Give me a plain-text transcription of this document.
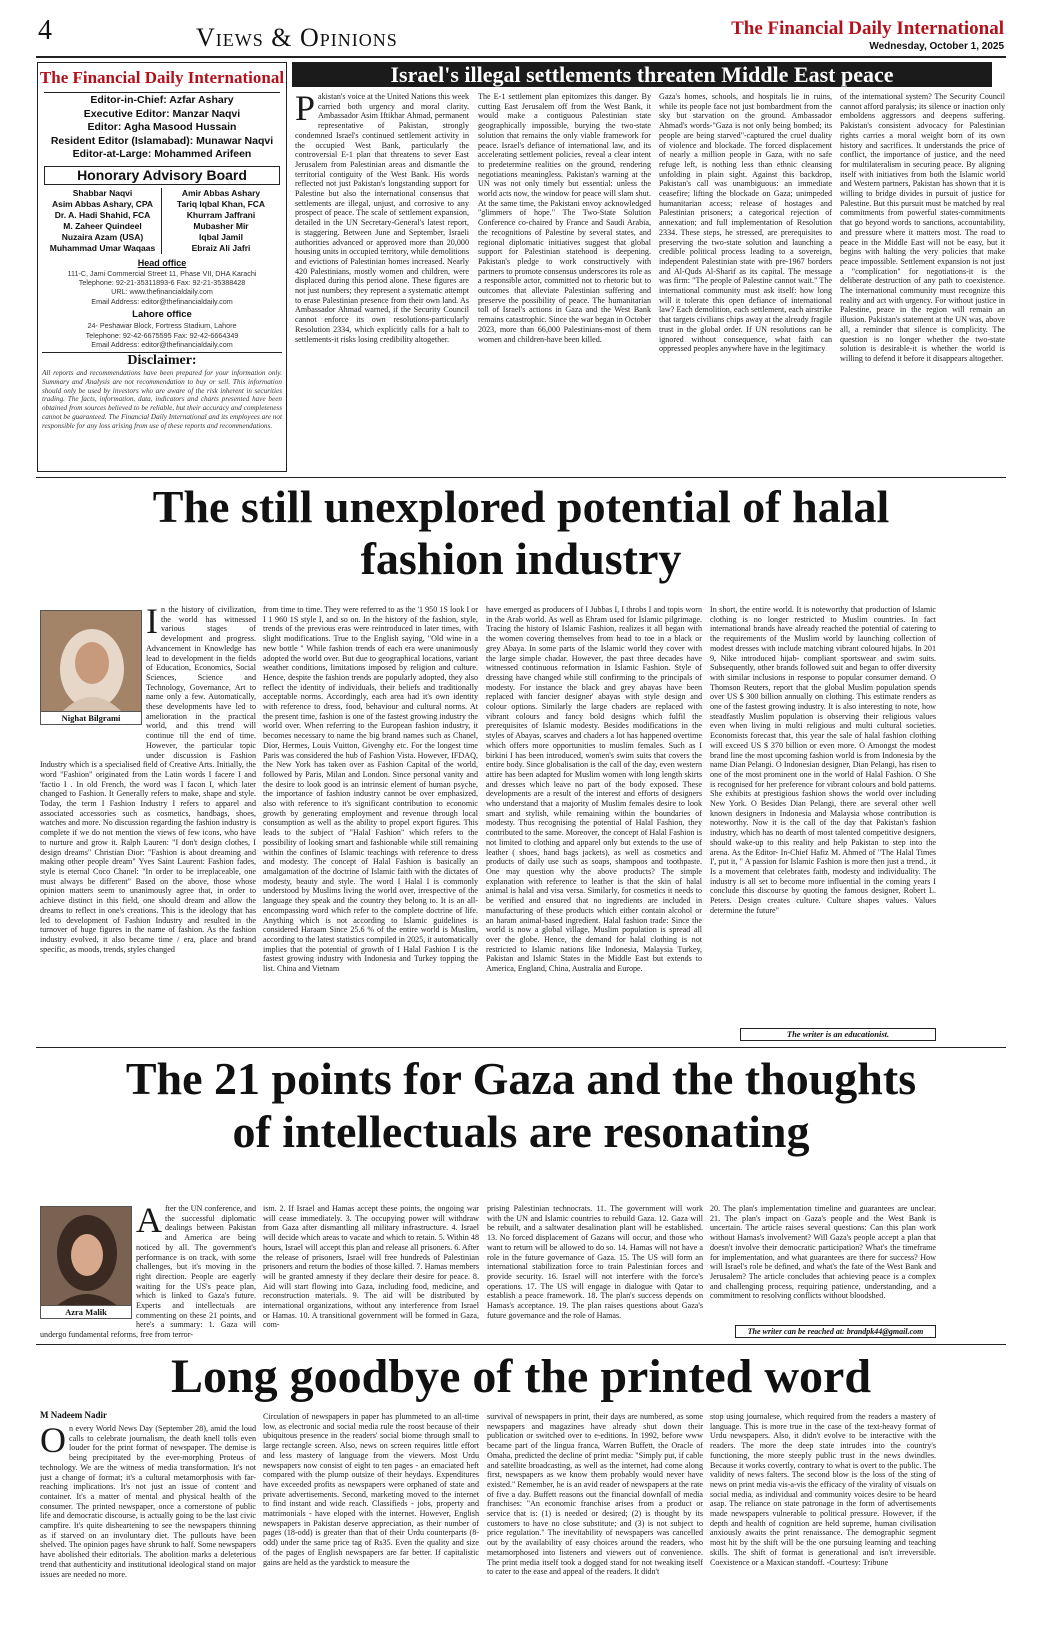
4	Views & Opinions	The Financial Daily International
Wednesday, October 1, 2025
The Financial Daily International

Editor-in-Chief: Azfar Ashary

Executive Editor: Manzar Naqvi

Editor: Agha Masood Hussain

Resident Editor (Islamabad): Munawar Naqvi

Editor-at-Large: Mohammed Arifeen

Honorary Advisory Board
Shabbar Naqvi
Asim Abbas Ashary, CPA
Dr. A. Hadi Shahid, FCA
M. Zaheer Quindeel
Nuzaira Azam (USA)
Muhammad Umar Waqaas
Amir Abbas Ashary
Tariq Iqbal Khan, FCA
Khurram Jaffrani
Mubasher Mir
Iqbal Jamil
Ebraiz Ali Jafri
Head office
111-C, Jami Commercial Street 11, Phase VII, DHA Karachi
Telephone: 92-21-35311893-6 Fax: 92-21-35388428
URL: www.thefinancialdaily.com
Email Address: editor@thefinancialdaily.com
Lahore office
24- Peshawar Block, Fortress Stadium, Lahore
Telephone: 92-42-6675595 Fax: 92-42-6664349
Email Address: editor@thefinancialdaily.com
Disclaimer:
All reports and recommendations have been prepared for your information only. Summary and Analysis are not recommendation to buy or sell. This information should only be used by investors who are aware of the risk inherent in securities trading. The facts, information, data, indicators and charts presented have been obtained from sources believed to be reliable, but their accuracy and completeness cannot be guaranteed. The Financial Daily International and its employees are not responsible for any loss arising from use of these reports and recommendations.
Israel's illegal settlements threaten Middle East peace
Pakistan's voice at the United Nations this week carried both urgency and moral clarity. Ambassador Asim Iftikhar Ahmad, permanent representative of Pakistan, strongly condemned Israel's continued settlement activity in the occupied West Bank, particularly the controversial E-1 plan that threatens to sever East Jerusalem from Palestinian areas and dismantle the territorial contiguity of the West Bank. His words reflected not just Pakistan's longstanding support for Palestine but also the international consensus that settlements are illegal, unjust, and corrosive to any prospect of peace. The scale of settlement expansion, detailed in the UN Secretary-General's latest report, is staggering. Between June and September, Israeli authorities advanced or approved more than 20,000 housing units in occupied territory, while demolitions and evictions of Palestinian homes increased. Nearly 420 Palestinians, mostly women and children, were displaced during this period alone. These figures are not just numbers; they represent a systematic attempt to erase Palestinian presence from their own land. As Ambassador Ahmad warned, if the Security Council cannot enforce its own resolutions-particularly Resolution 2334, which explicitly calls for a halt to settlements-it risks losing credibility altogether.
The E-1 settlement plan epitomizes this danger. By cutting East Jerusalem off from the West Bank, it would make a contiguous Palestinian state geographically impossible, burying the two-state solution that remains the only viable framework for peace. Israel's defiance of international law, and its accelerating settlement policies, reveal a clear intent to predetermine realities on the ground, rendering negotiations meaningless. Pakistan's warning at the UN was not only timely but essential: unless the world acts now, the window for peace will slam shut. At the same time, the Pakistani envoy acknowledged "glimmers of hope." The Two-State Solution Conference co-chaired by France and Saudi Arabia, the recognitions of Palestine by several states, and regional diplomatic initiatives suggest that global support for Palestinian statehood is deepening. Pakistan's pledge to work constructively with partners to promote consensus underscores its role as a responsible actor, committed not to rhetoric but to outcomes that alleviate Palestinian suffering and preserve the possibility of peace. The humanitarian toll of Israel's actions in Gaza and the West Bank remains catastrophic. Since the war began in October 2023, more than 66,000 Palestinians-most of them women and children-have been killed.
Gaza's homes, schools, and hospitals lie in ruins, while its people face not just bombardment from the sky but starvation on the ground. Ambassador Ahmad's words-"Gaza is not only being bombed; its people are being starved"-captured the cruel duality of violence and blockade. The forced displacement of nearly a million people in Gaza, with no safe refuge left, is nothing less than ethnic cleansing unfolding in plain sight. Against this backdrop, Pakistan's call was unambiguous: an immediate ceasefire; lifting the blockade on Gaza; unimpeded humanitarian access; release of hostages and Palestinian prisoners; a categorical rejection of annexation; and full implementation of Resolution 2334. These steps, he stressed, are prerequisites to preserving the two-state solution and launching a credible political process leading to a sovereign, independent Palestinian state with pre-1967 borders and Al-Quds Al-Sharif as its capital. The message was firm: "The people of Palestine cannot wait." The international community must ask itself: how long will it tolerate this open defiance of international law? Each demolition, each settlement, each airstrike that targets civilians chips away at the already fragile trust in the global order. If UN resolutions can be ignored without consequence, what faith can oppressed peoples anywhere have in the legitimacy
of the international system? The Security Council cannot afford paralysis; its silence or inaction only emboldens aggressors and deepens suffering. Pakistan's consistent advocacy for Palestinian rights carries a moral weight born of its own history and sacrifices. It understands the price of conflict, the importance of justice, and the need for multilateralism in securing peace. By aligning itself with initiatives from both the Islamic world and Western partners, Pakistan has shown that it is willing to bridge divides in pursuit of justice for Palestine. But this pursuit must be matched by real commitments from powerful states-commitments that go beyond words to sanctions, accountability, and pressure where it matters most. The road to peace in the Middle East will not be easy, but it begins with halting the very policies that make peace impossible. Settlement expansion is not just a "complication" for negotiations-it is the deliberate destruction of any path to coexistence. The international community must recognize this reality and act with urgency. For without justice in Palestine, peace in the region will remain an illusion. Pakistan's statement at the UN was, above all, a reminder that silence is complicity. The question is no longer whether the two-state solution is desirable-it is whether the world is willing to defend it before it disappears altogether.
The still unexplored potential of halal
fashion industry
Nighat Bilgrami
In the history of civilization, the world has witnessed various stages of development and progress. Advancement in Knowledge has lead to development in the fields of Education, Economics, Social Sciences, Science and Technology, Governance, Art to name only a few. Automatically, these developments have led to amelioration in the practical world, and this trend will continue till the end of time. However, the particular topic under discussion is Fashion Industry which is a specialised field of Creative Arts. Initially, the word "Fashion" originated from the Latin words I facere I and 'factio I . In old French, the word was I facon I, which later changed to Fashion. It Generally refers to make, shape and style. Today, the term I Fashion Industry I refers to apparel and associated accessories such as cosmetics, handbags, shoes, watches and more. No discussion regarding the fashion industry is complete if we do not mention the views of few icons, who have to nurture and grow it. Ralph Lauren: "I don't design clothes, I design dreams" Christian Dior: "Fashion is about dreaming and making other people dream" Yves Saint Laurent: Fashion fades, style is eternal Coco Chanel: "In order to be irreplaceable, one must always be different" Based on the above, those whose opinion matters seem to unanimously agree that, in order to achieve distinct in this field, one should dream and allow the dreams to reflect in one's creations. This is the ideology that has led to development of Fashion Industry and resulted in the turnover of huge figures in the name of fashion. As the fashion industry evolved, it also became time / era, place and brand specific, as moods, trends, styles changed
from time to time. They were referred to as the '1 950 1S look I or I 1 960 1S style I, and so on. In the history of the fashion, style, trends of the previous eras were reintroduced in later times, with slight modifications. True to the English saying, "Old wine in a new bottle " While fashion trends of each era were unanimously adopted the world over. But due to geographical locations, variant weather conditions, limitations imposed by religion and culture. Hence, despite the fashion trends are popularly adopted, they also reflect the identity of individuals, their beliefs and traditionally acceptable norms. Accordingly, each area had it's own identity with reference to dress, food, behaviour and cultural norms. At the present time, fashion is one of the fastest growing industry the world over. When referring to the European fashion industry, it becomes necessary to name the big brand names such as Chanel, Dior, Hermes, Louis Vuitton, Givenghy etc. For the longest time Paris was considered the hub of Fashion Vista. However, IFDAQ, the New York has taken over as Fashion Capital of the world, followed by Paris, Milan and London. Since personal vanity and the desire to look good is an intrinsic element of human psyche, the importance of fashion industry cannot be over emphasized, also with reference to it's significant contribution to economic growth by generating employment and revenue through local consumption as well as the ability to propel export figures. This leads to the subject of "Halal Fashion" which refers to the possibility of looking smart and fashionable while still remaining within the confines of Islamic teachings with reference to dress and modesty. The concept of Halal Fashion is basically an amalgamation of the doctrine of Islamic faith with the dictates of modesty, beauty and style. The word I Halal I is commonly understood by Muslims living the world over, irrespective of the language they speak and the country they belong to. It is an all-encompassing word which refer to the complete doctrine of life. Anything which is not according to Islamic guidelines is considered Haraam Since 25.6 % of the entire world is Muslim, according to the latest statistics compiled in 2025, it automatically implies that the potential of growth of I Halal Fashion I is the fastest growing industry with Indonesia and Turkey topping the list. China and Vietnam
have emerged as producers of I Jubbas I, I throbs I and topis worn in the Arab world. As well as Ehram used for Islamic pilgrimage. Tracing the history of Islamic Fashion, realizes it all began with the women covering themselves from head to toe in a black or grey Abaya. In some parts of the Islamic world they cover with the large simple chadar. However, the past three decades have witnessed continuous reformation in Islamic Fashion. Style of dressing have changed while still confirming to the principals of modesty. For instance the black and grey abayas have been replaced with fancier designer' abayas with style design and colour options. Similarly the large chaders are replaced with vibrant colours and fancy bold designs which fulfil the prerequisites of Islamic modesty. Besides modifications in the styles of Abayas, scarves and chaders a lot has happened overtime which offers more opportunities to muslim females. Such as I birkini I has been introduced, women's swim suits that covers the entire body. Since globalisation is the call of the day, even western attire has been adapted for Muslim women with long length skirts and dresses which leave no part of the body exposed. These developments are a result of the interest and efforts of designers who understand that a majority of Muslim females desire to look smart and stylish, while remaining within the boundaries of modesty. Thus recognising the potential of Halal Fashion, they contributed to the same. Moreover, the concept of Halal Fashion is not limited to clothing and apparel only but extends to the use of leather ( shoes, hand bags jackets), as well as cosmetics and products of daily use such as soaps, shampoos and toothpaste. One may question why the above products? The simple explanation with reference to leather is that the skin of halal animal is halal and visa versa. Similarly, for cosmetics it needs to be verified and ensured that no ingredients are included in manufacturing of these products which either contain alcohol or an haram animal-based ingredient. Halal fashion trade: Since the world is now a global village, Muslim population is spread all over the globe. Hence, the demand for halal clothing is not restricted to Islamic nations like Indonesia, Malaysia Turkey, Pakistan and Islamic States in the Middle East but extends to America, England, China, Australia and Europe.
In short, the entire world. It is noteworthy that production of Islamic clothing is no longer restricted to Muslim countries. In fact international brands have already reached the potential of catering to the requirements of the Muslim world by launching collection of modest dresses with include matching vibrant coloured hijabs. In 201 9, Nike introduced hijab- compliant sportswear and swim suits. Subsequently, other brands followed suit and began to offer diversity with similar inclusions in response to popular consumer demand. O Thomson Reuters, report that the global Muslim population spends over US $ 300 billion annually on clothing. This estimate renders as one of the fastest growing industry. It is also interesting to note, how steadfastly Muslim population is observing their religious values even when living in multi religious and multi cultural societies. Economists forecast that, this year the sale of halal fashion clothing will exceed US $ 370 billion or even more. O Amongst the modest brand line the most upcoming fashion world is from Indonesia by the name Dian Pelangi. O Indonesian designer, Dian Pelangi, has risen to one of the most prominent one in the world of Halal Fashion. O She is recognised for her preference for vibrant colours and bold patterns. She exhibits at prestigious fashion shows the world over including New York. O Besides Dian Pelangi, there are several other well known designers in Indonesia and Malaysia whose contribution is noteworthy. Now it is the call of the day that Pakistan's fashion industry, which has no dearth of most talented competitive designers, should wake-up to this reality and help Pakistan to step into the arena. As the Editor- In-Chief Hafiz M. Ahmed of "The Halal Times I', put it, " A passion for Islamic Fashion is more then just a trend., .it Is a movement that celebrates faith, modesty and individuality. The industry is all set to become more influential in the coming years I conclude this discourse by quoting the famous designer, Robert L. Peters. Design creates culture. Culture shapes values. Values determine the future"
The writer is an educationist.
The 21 points for Gaza and the thoughts
of intellectuals are resonating
Azra Malik
After the UN conference, and the successful diplomatic dealings between Pakistan and America are being noticed by all. The government's performance is on track, with some challenges, but it's moving in the right direction. People are eagerly waiting for the US's peace plan, which is linked to Gaza's future. Experts and intellectuals are commenting on these 21 points, and here's a summary: 1. Gaza will undergo fundamental reforms, free from terror-
ism. 2. If Israel and Hamas accept these points, the ongoing war will cease immediately. 3. The occupying power will withdraw from Gaza after dismantling all military infrastructure. 4. Israel will decide which areas to vacate and which to retain. 5. Within 48 hours, Israel will accept this plan and release all prisoners. 6. After the release of prisoners, Israel will free hundreds of Palestinian prisoners and return the bodies of those killed. 7. Hamas members will be granted amnesty if they declare their desire for peace. 8. Aid will start flowing into Gaza, including food, medicine, and reconstruction materials. 9. The aid will be distributed by international organizations, without any interference from Israel or Hamas. 10. A transitional government will be formed in Gaza, com-
prising Palestinian technocrats. 11. The government will work with the UN and Islamic countries to rebuild Gaza. 12. Gaza will be rebuilt, and a saltwater desalination plant will be established. 13. No forced displacement of Gazans will occur, and those who want to return will be allowed to do so. 14. Hamas will not have a role in the future governance of Gaza. 15. The US will form an international stabilization force to train Palestinian forces and provide security. 16. Israel will not interfere with the force's operations. 17. The US will engage in dialogue with Qatar to establish a peace framework. 18. The plan's success depends on Hamas's acceptance. 19. The plan raises questions about Gaza's future governance and the role of Hamas.
20. The plan's implementation timeline and guarantees are unclear. 21. The plan's impact on Gaza's people and the West Bank is uncertain. The article raises several questions: Can this plan work without Hamas's involvement? Will Gaza's people accept a plan that doesn't involve their democratic participation? What's the timeframe for implementation, and what guarantees are there for success? How will Israel's role be defined, and what's the fate of the West Bank and Jerusalem? The article concludes that achieving peace is a complex and challenging process, requiring patience, understanding, and a commitment to resolving conflicts without bloodshed.
The writer can be reached at: brandpk44@gmail.com
Long goodbye of the printed word
M Nadeem Nadir
On every World News Day (September 28), amid the loud calls to celebrate journalism, the death knell tolls even louder for the print format of newspaper. The demise is being precipitated by the ever-morphing Proteus of technology. We are the witness of media transformation. It's not just a change of format; it's a cultural metamorphosis with far-reaching implications. It's not just an issue of content and container. It's a matter of mental and physical health of the consumer. The printed newspaper, once a cornerstone of public life and democratic discourse, is actually going to be the last civic campfire. It's quite disheartening to see the newspapers thinning as if starved on an involuntary diet. The pullouts have been shelved. The opinion pages have shrunk to half. Some newspapers have abolished their editorials. The abolition marks a deleterious trend that authenticity and institutional ideological stand on major issues are needed no more.
Circulation of newspapers in paper has plummeted to an all-time low, as electronic and social media rule the roost because of their ubiquitous presence in the readers' social biome through small to large rectangle screen. Also, news on screen requires little effort and less mastery of language from the viewers. Most Urdu newspapers now consist of eight to ten pages - an emaciated heft compared with the plump outsize of their heydays. Expenditures have exceeded profits as newspapers were orphaned of state and private advertisements. Second, marketing moved to the internet to find instant and wide reach. Classifieds - jobs, property and matrimonials - have eloped with the internet. However, English newspapers in Pakistan deserve appreciation, as their number of pages (18-odd) is greater than that of their Urdu counterparts (8-odd) under the same price tag of Rs35. Even the quality and size of the pages of English newspapers are far better. If capitalistic gains are held as the yardstick to measure the
survival of newspapers in print, their days are numbered, as some newspapers and magazines have already shut down their publication or switched over to e-editions. In 1992, before www became part of the lingua franca, Warren Buffett, the Oracle of Omaha, predicted the decline of print media: "Simply put, if cable and satellite broadcasting, as well as the internet, had come along first, newspapers as we know them probably would never have existed." Remember, he is an avid reader of newspapers at the rate of five a day. Buffett reasons out the financial downfall of media franchises: "An economic franchise arises from a product or service that is: (1) is needed or desired; (2) is thought by its customers to have no close substitute; and (3) is not subject to price regulation." The inevitability of newspapers was cancelled out by the availability of easy choices around the readers, who metamorphosed into listeners and viewers out of convenience. The print media itself took a dogged stand for not tweaking itself to cater to the ease and appeal of the readers. It didn't
stop using journalese, which required from the readers a mastery of language. This is more true in the case of the text-heavy format of Urdu newspapers. Also, it didn't evolve to be interactive with the readers. The more the deep state intrudes into the country's functioning, the more steeply public trust in the news dwindles. Because it works covertly, contrary to what is overt to the public. The validity of news falters. The second blow is the loss of the sting of news on print media vis-a-vis the efficacy of the virality of visuals on social media, as individual and community voices desire to be heard asap. The reliance on state patronage in the form of advertisements made newspapers vulnerable to political pressure. However, if the depth and health of cognition are held supreme, human civilisation anxiously awaits the print renaissance. The demographic segment most hit by the shift will be the one pursuing learning and teaching skills. The shift of format is generational and isn't irreversible. Coexistence or a Maxican standoff. -Courtesy: Tribune
